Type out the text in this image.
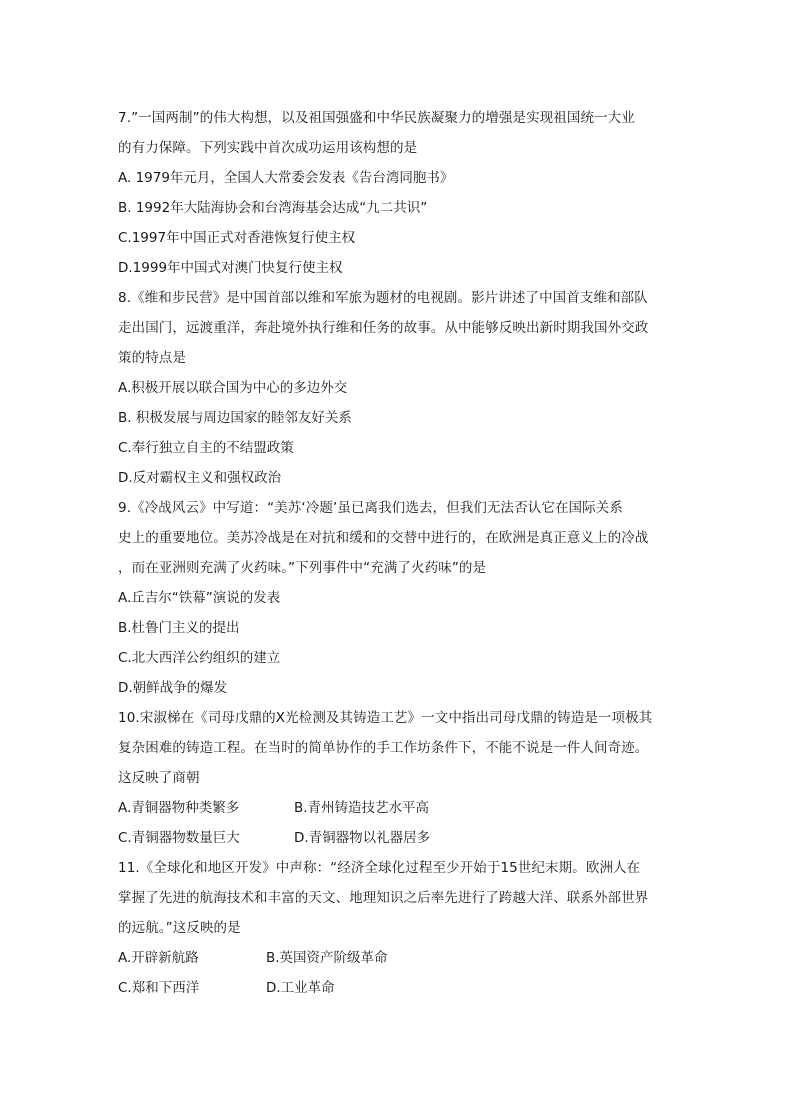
7.”一国两制”的伟大构想，以及祖国强盛和中华民族凝聚力的增强是实现祖国统一大业
的有力保障。下列实践中首次成功运用该构想的是
A. 1979年元月，全国人大常委会发表《告台湾同胞书》
B. 1992年大陆海协会和台湾海基会达成“九二共识”
C.1997年中国正式对香港恢复行使主权
D.1999年中国式对澳门快复行使主权
8.《维和步民营》是中国首部以维和军旅为题材的电视剧。影片讲述了中国首支维和部队
走出国门，远渡重洋，奔赴境外执行维和任务的故事。从中能够反映出新时期我国外交政
策的特点是
A.积极开展以联合国为中心的多边外交
B. 积极发展与周边国家的睦邻友好关系
C.奉行独立自主的不结盟政策
D.反对霸权主义和强权政治
9.《冷战风云》中写道：“美苏‘冷题’虽已离我们选去，但我们无法否认它在国际关系
史上的重要地位。美苏冷战是在对抗和缓和的交替中进行的，在欧洲是真正意义上的冷战
，而在亚洲则充满了火药味。”下列事件中“充满了火药味”的是
A.丘吉尔“铁幕”演说的发表
B.杜鲁门主义的提出
C.北大西洋公约组织的建立
D.朝鲜战争的爆发
10.宋淑梯在《司母戊鼎的X光检测及其铸造工艺》一文中指出司母戊鼎的铸造是一项极其
复杂困难的铸造工程。在当时的简单协作的手工作坊条件下，不能不说是一件人间奇迹。
这反映了商朝
A.青铜器物种类繁多	B.青州铸造技艺水平高
C.青铜器物数量巨大	D.青铜器物以礼器居多
11.《全球化和地区开发》中声称：“经济全球化过程至少开始于15世纪末期。欧洲人在
掌握了先进的航海技术和丰富的天文、地理知识之后率先进行了跨越大洋、联系外部世界
的远航。”这反映的是
A.开辟新航路	B.英国资产阶级革命
C.郑和下西洋	D.工业革命
